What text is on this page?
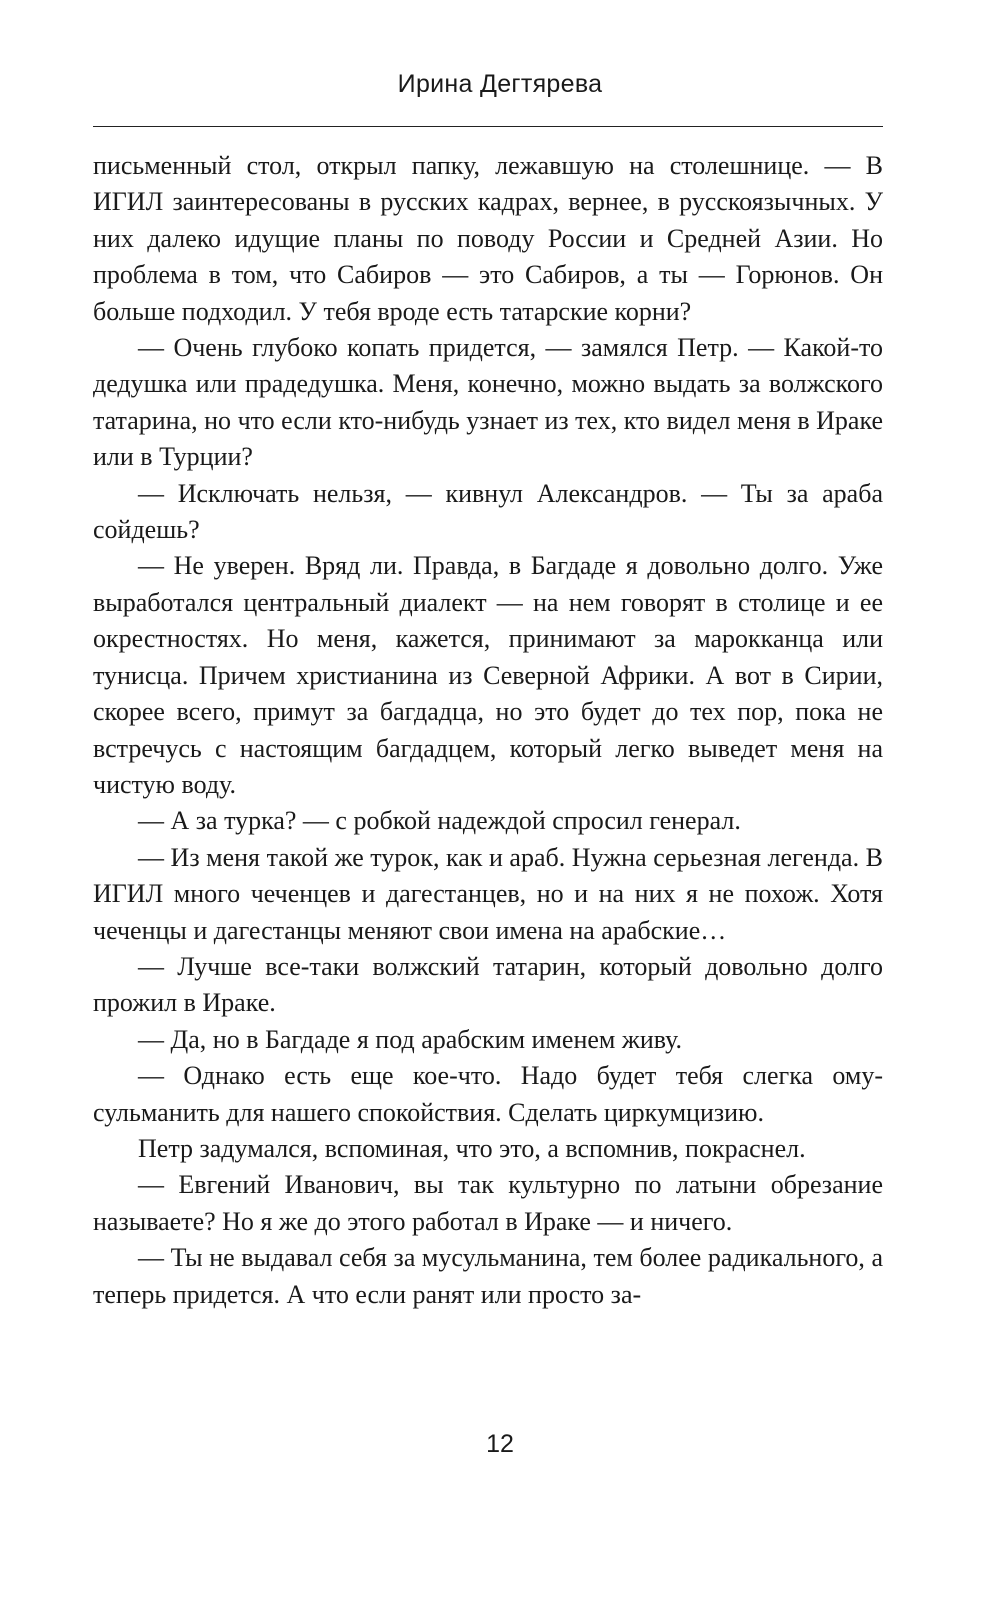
Ирина Дегтярева

письменный стол, открыл папку, лежавшую на столешнице. — В ИГИЛ заинтересованы в русских кадрах, вернее, в русскоязычных. У них далеко идущие планы по поводу России и Средней Азии. Но проблема в том, что Сабиров — это Сабиров, а ты — Горюнов. Он больше подходил. У тебя вроде есть татарские корни?

— Очень глубоко копать придется, — замялся Петр. — Какой-то дедушка или прадедушка. Меня, конечно, можно выдать за волжского татарина, но что если кто-нибудь узнает из тех, кто видел меня в Ираке или в Турции?

— Исключать нельзя, — кивнул Александров. — Ты за араба сойдешь?

— Не уверен. Вряд ли. Правда, в Багдаде я довольно долго. Уже выработался центральный диалект — на нем говорят в столице и ее окрестностях. Но меня, кажется, принимают за марокканца или тунисца. Причем христианина из Северной Африки. А вот в Сирии, скорее всего, примут за багдадца, но это будет до тех пор, пока не встречусь с настоящим багдадцем, который легко выведет меня на чистую воду.

— А за турка? — с робкой надеждой спросил генерал.

— Из меня такой же турок, как и араб. Нужна серьезная легенда. В ИГИЛ много чеченцев и дагестанцев, но и на них я не похож. Хотя чеченцы и дагестанцы меняют свои имена на арабские…

— Лучше все-таки волжский татарин, который довольно долго прожил в Ираке.

— Да, но в Багдаде я под арабским именем живу.

— Однако есть еще кое-что. Надо будет тебя слегка омусульманить для нашего спокойствия. Сделать циркумцизию.

Петр задумался, вспоминая, что это, а вспомнив, покраснел.

— Евгений Иванович, вы так культурно по латыни обрезание называете? Но я же до этого работал в Ираке — и ничего.

— Ты не выдавал себя за мусульманина, тем более радикального, а теперь придется. А что если ранят или просто за-

12
